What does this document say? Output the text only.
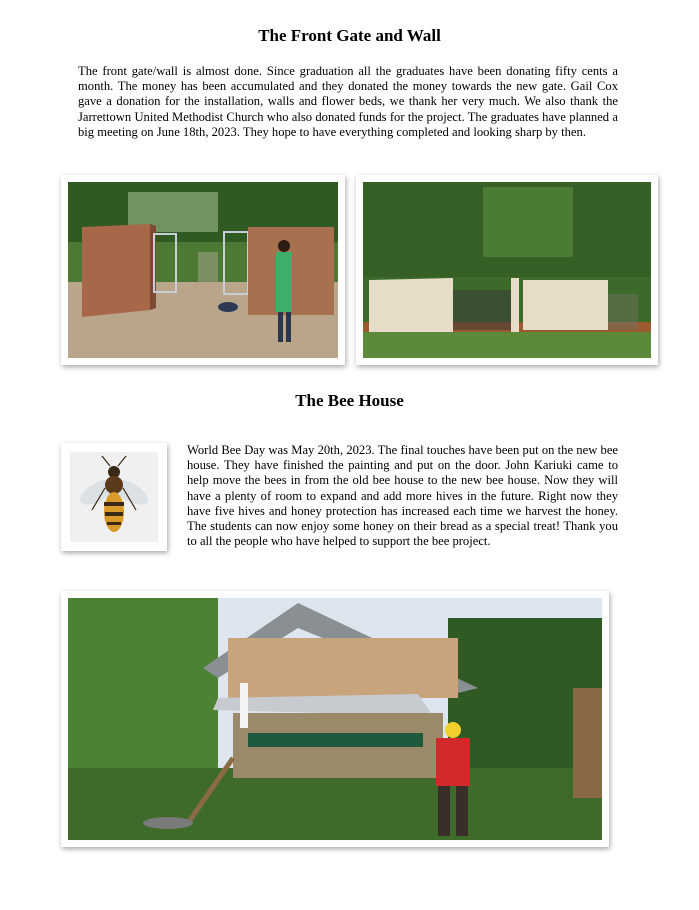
The Front Gate and Wall
The front gate/wall is almost done. Since graduation all the graduates have been donating fifty cents a month. The money has been accumulated and they donated the money towards the new gate. Gail Cox gave a donation for the installation, walls and flower beds, we thank her very much. We also thank the Jarrettown United Methodist Church who also donated funds for the project. The graduates have planned a big meeting on June 18th, 2023. They hope to have everything completed and looking sharp by then.
The Bee House
World Bee Day was May 20th, 2023. The final touches have been put on the new bee house. They have finished the painting and put on the door. John Kariuki came to help move the bees in from the old bee house to the new bee house. Now they will have a plenty of room to expand and add more hives in the future. Right now they have five hives and honey protection has increased each time we harvest the honey. The students can now enjoy some honey on their bread as a special treat! Thank you to all the people who have helped to support the bee project.
